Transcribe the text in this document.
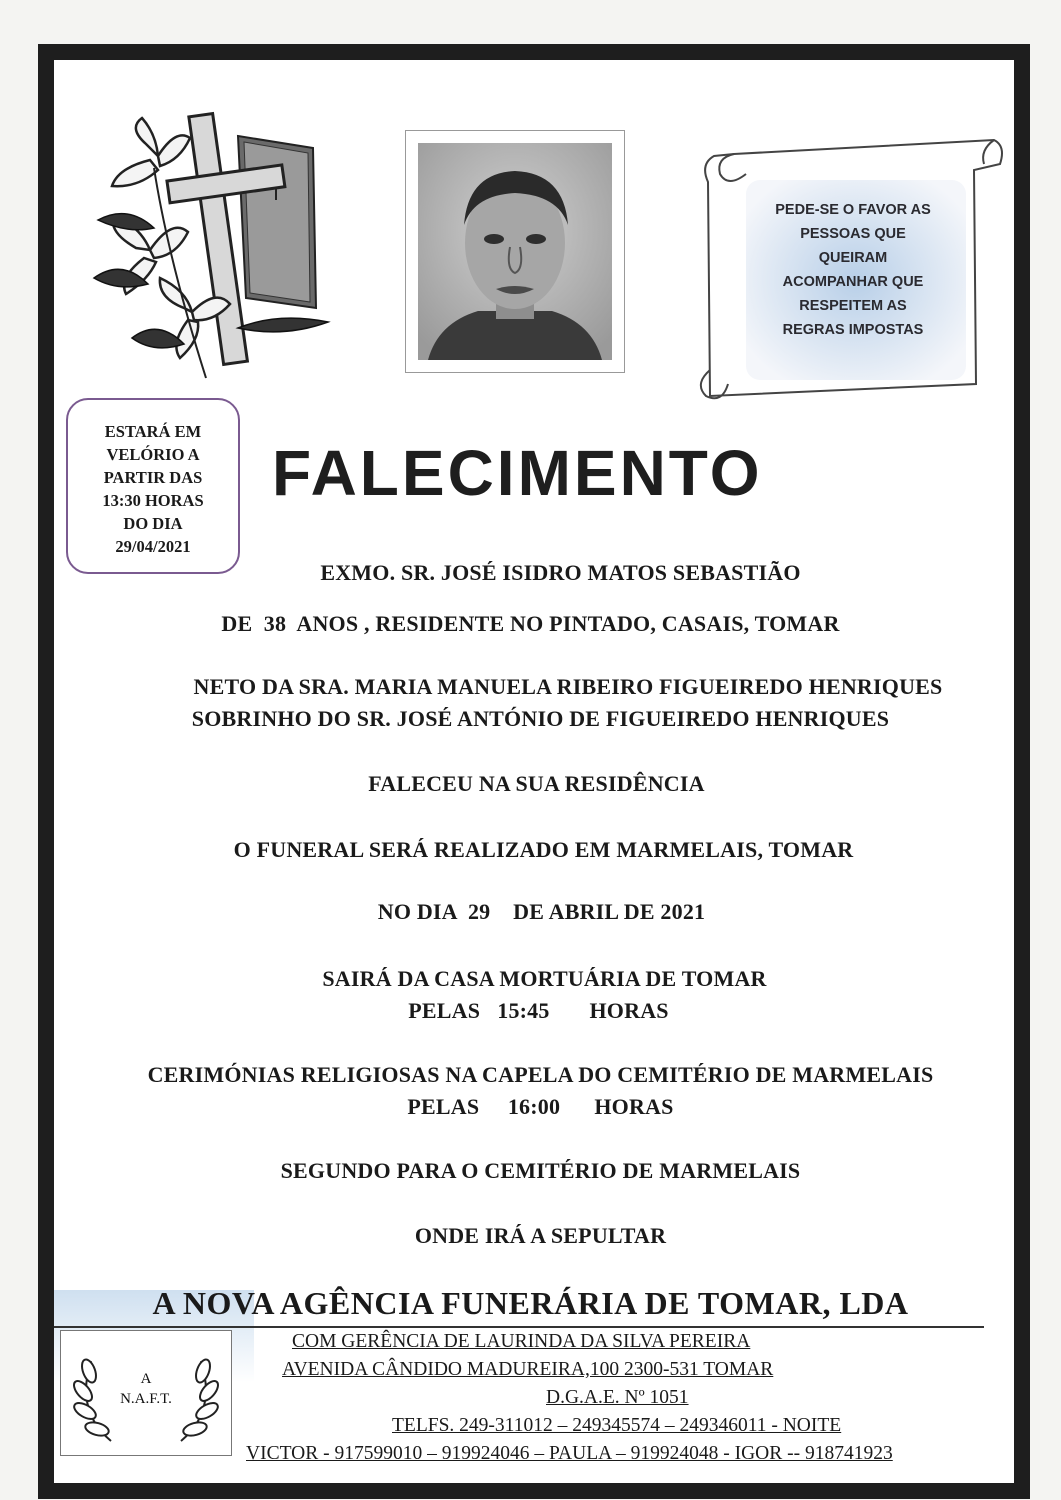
PEDE-SE O FAVOR AS
PESSOAS QUE
QUEIRAM
ACOMPANHAR QUE
RESPEITEM AS
REGRAS IMPOSTAS
ESTARÁ EM
VELÓRIO A
PARTIR DAS
13:30 HORAS
DO DIA
29/04/2021
FALECIMENTO
EXMO. SR. JOSÉ ISIDRO MATOS SEBASTIÃO
DE  38  ANOS , RESIDENTE NO PINTADO, CASAIS, TOMAR
NETO DA SRA. MARIA MANUELA RIBEIRO FIGUEIREDO HENRIQUES
SOBRINHO DO SR. JOSÉ ANTÓNIO DE FIGUEIREDO HENRIQUES
FALECEU NA SUA RESIDÊNCIA
O FUNERAL SERÁ REALIZADO EM MARMELAIS, TOMAR
NO DIA  29    DE ABRIL DE 2021
SAIRÁ DA CASA MORTUÁRIA DE TOMAR
PELAS   15:45       HORAS
CERIMÓNIAS RELIGIOSAS NA CAPELA DO CEMITÉRIO DE MARMELAIS
PELAS     16:00      HORAS
SEGUNDO PARA O CEMITÉRIO DE MARMELAIS
ONDE IRÁ A SEPULTAR
A NOVA AGÊNCIA FUNERÁRIA DE TOMAR, LDA
A
N.A.F.T.
COM GERÊNCIA DE LAURINDA DA SILVA PEREIRA
AVENIDA CÂNDIDO MADUREIRA,100 2300-531 TOMAR
D.G.A.E. Nº 1051
TELFS. 249-311012 – 249345574 – 249346011 - NOITE
VICTOR - 917599010 – 919924046 – PAULA – 919924048 - IGOR -- 918741923
